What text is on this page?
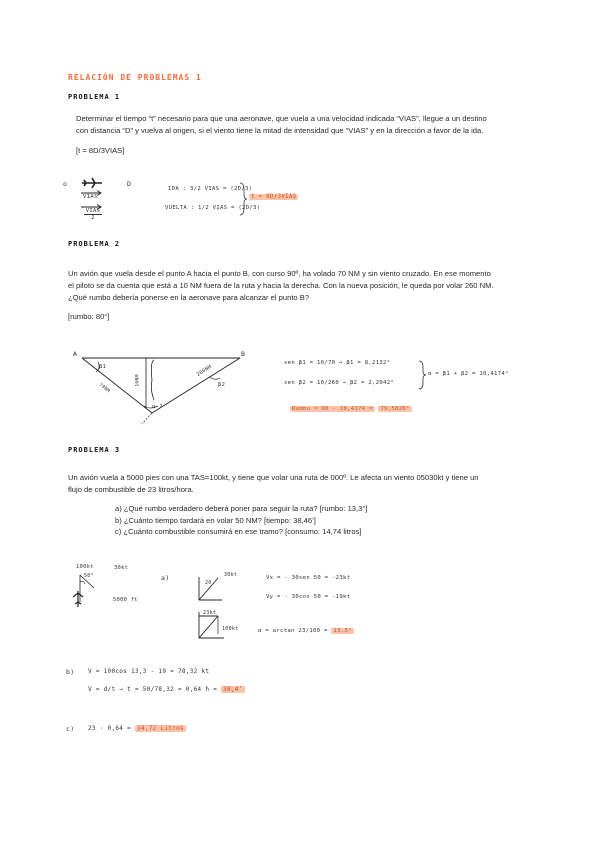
RELACIÓN DE PROBLEMAS 1
PROBLEMA 1
Determinar el tiempo “t” necesario para que una aeronave, que vuela a una velocidad indicada “VIAS”, llegue a un destino
con distancia “D” y vuelva al origen, si el viento tiene la mitad de intensidad que “VIAS” y en la dirección a favor de la ida.
[t = 8D/3VIAS]
o
VIAS
VIAS
2
D
IDA : 3/2 VIAS = (2D/3)
VUELTA : 1/2 VIAS = (2D/3)
t = 8D/3VIAS
PROBLEMA 2
Un avión que vuela desde el punto A hacia el punto B, con curso 90º, ha volado 70 NM y sin viento cruzado. En ese momento
el piloto se da cuenta que está a 10 NM fuera de la ruta y hacia la derecha. Con la nueva posición, le queda por volar 260 NM.
¿Qué rumbo debería ponerse en la aeronave para alcanzar el punto B?
[rumbo: 80°]
A	B
β1
β2
70NM
10NM
260NM
α ?
sen β1 = 10/70 → β1 = 8,2132°
sen β2 = 10/260 → β2 = 2,2042°
α = β1 + β2 = 10,4174°
Rumbo = 90 - 10,4174 = 79,5826°
PROBLEMA 3
Un avión vuela a 5000 pies con una TAS=100kt, y tiene que volar una ruta de 000º. Le afecta un viento 05030kt y tiene un
flujo de combustible de 23 litros/hora.
a) ¿Qué rumbo verdadero deberá poner para seguir la ruta? [rumbo: 13,3°]
b) ¿Cuánto tiempo tardará en volar 50 NM? [tiempo: 38,46’]
c) ¿Cuánto combustible consumirá en ese tramo? [consumo: 14,74 litros]
100kt	30kt
50°
5000 ft
a)
20
30kt
23kt
100kt
Vx = - 30sen 50 = -23kt
Vy = - 30cos 50 = -19kt
α = arctan 23/100 = 13,3°
b) V = 100cos 13,3 - 19 = 78,32 kt
V = d/t → t = 50/78,32 = 0,64 h = 38,4’
c) 23 · 0,64 = 14,72 Litros
